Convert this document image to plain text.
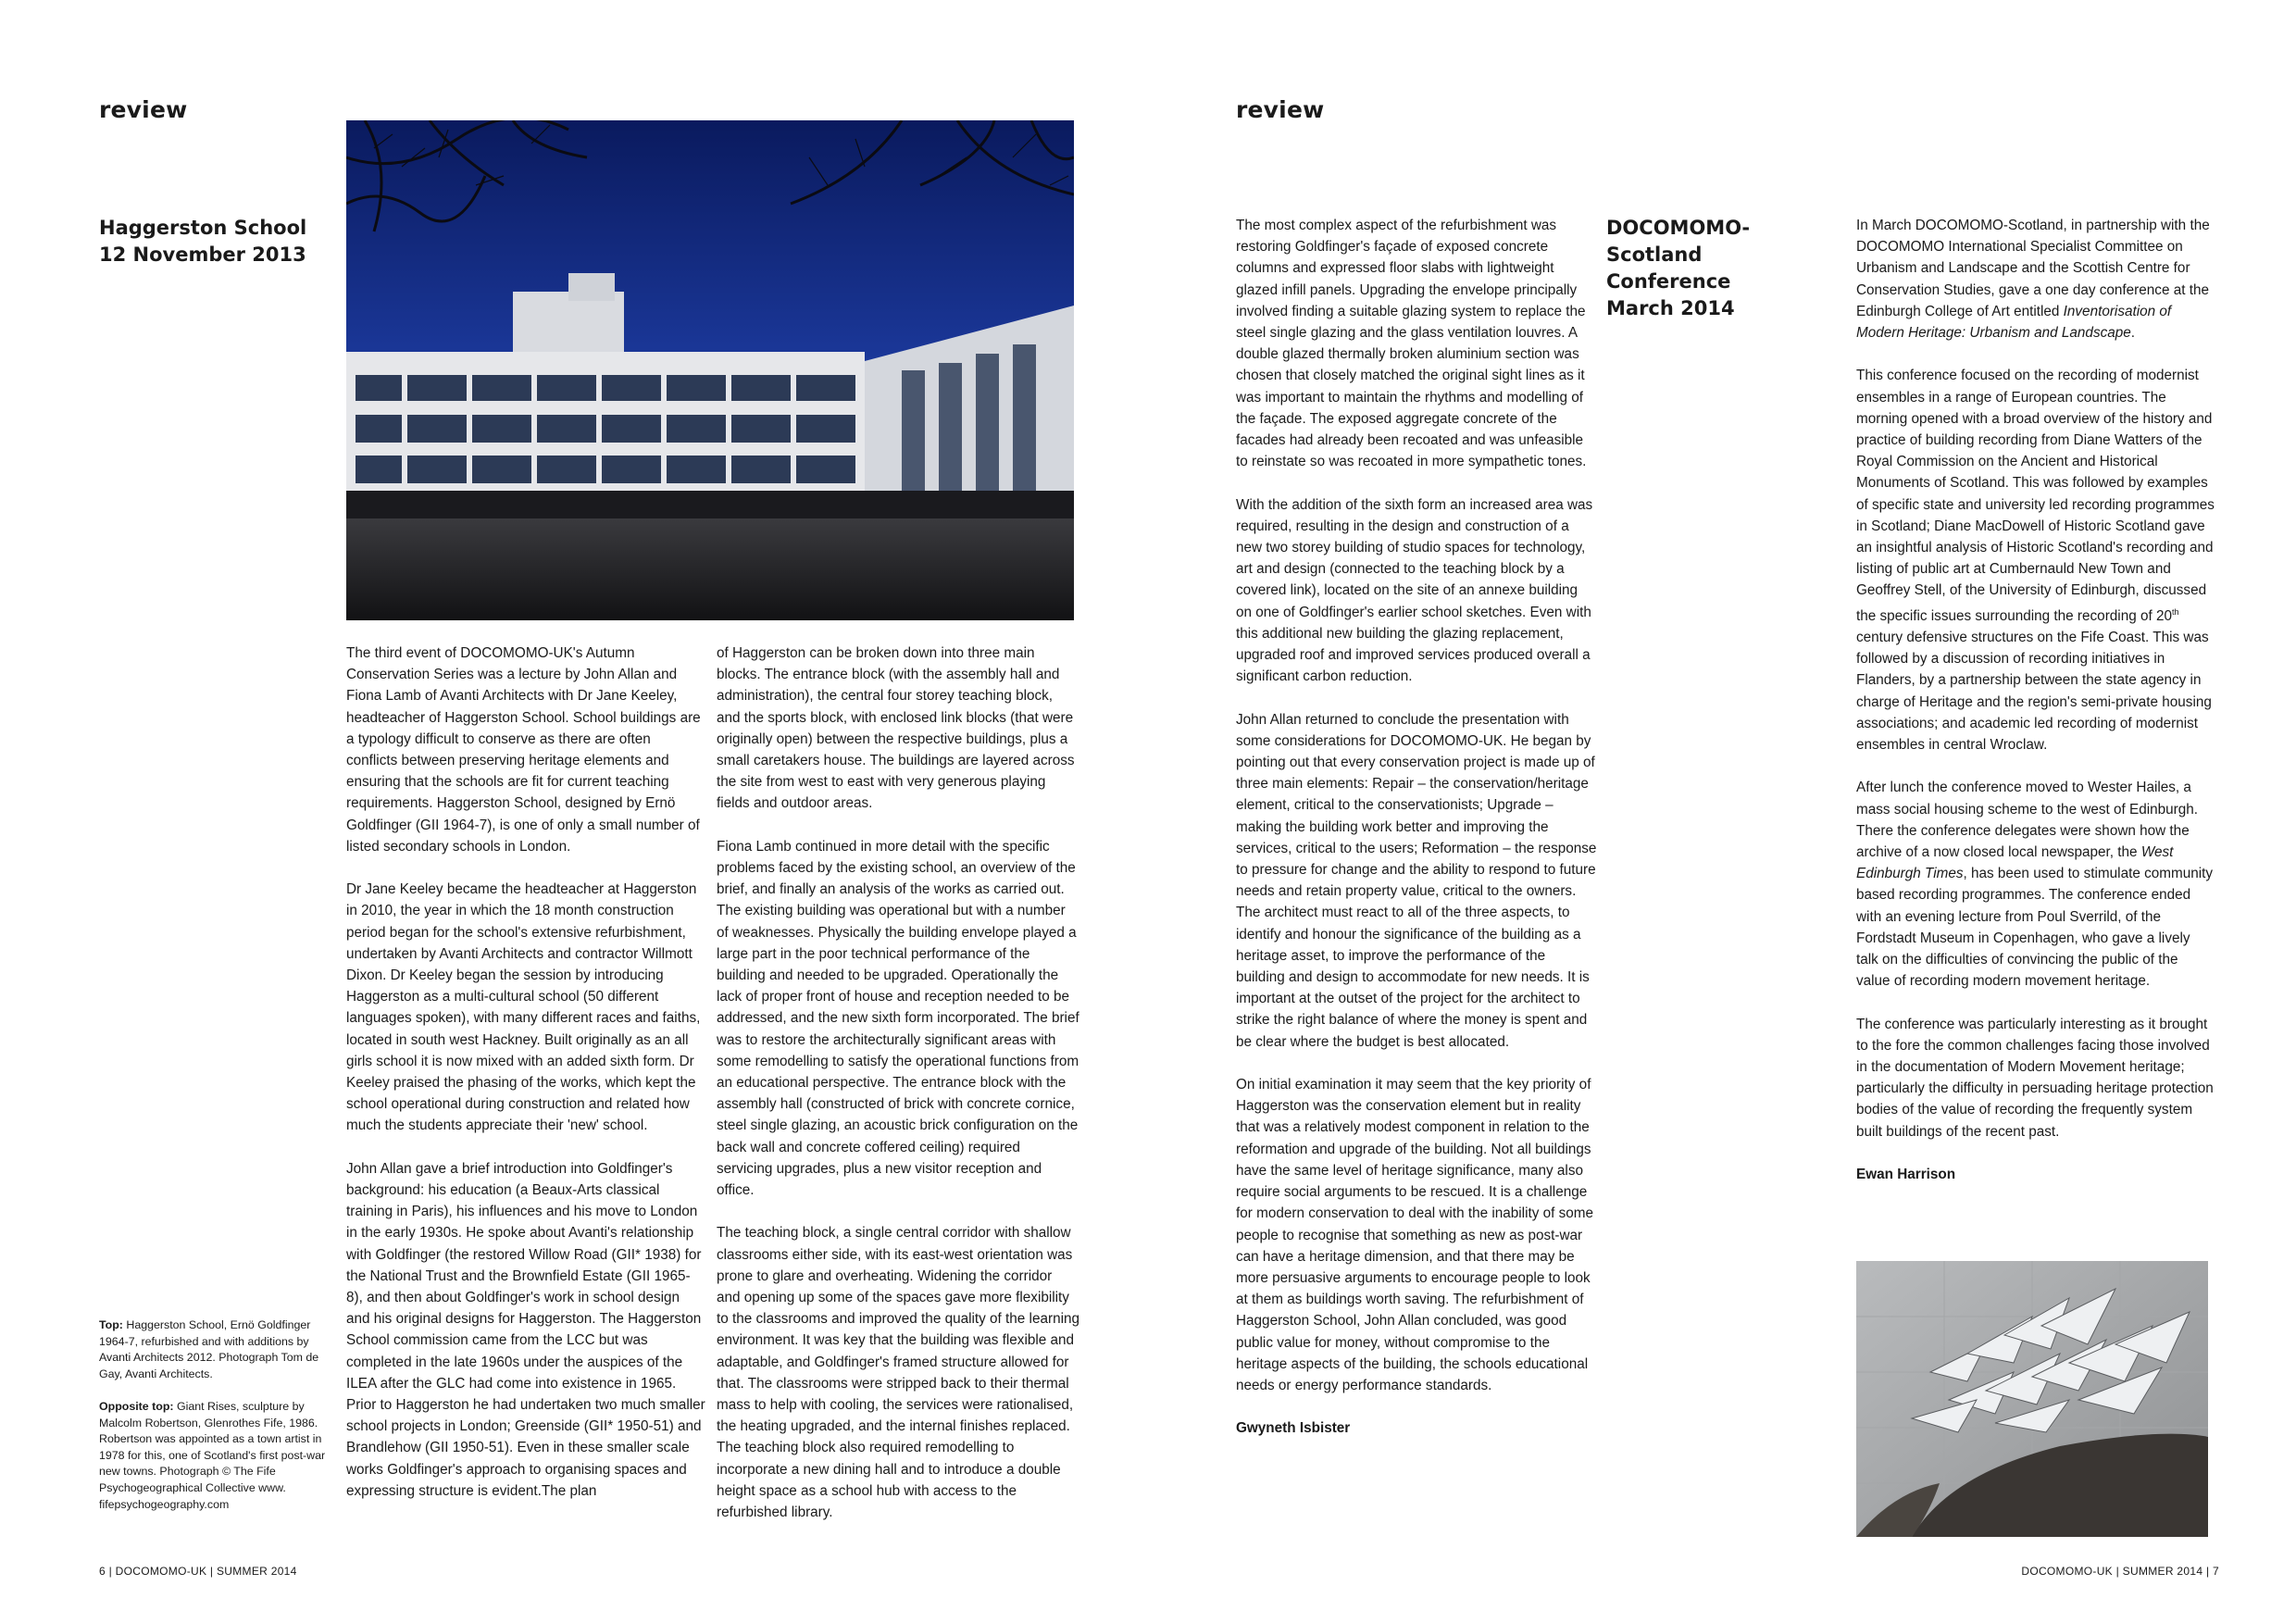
review
Haggerston School
12 November 2013

Top: Haggerston School, Ernö Goldfinger 1964-7, refurbished and with additions by Avanti Architects 2012. Photograph Tom de Gay, Avanti Architects.

Opposite top: Giant Rises, sculpture by Malcolm Robertson, Glenrothes Fife, 1986. Robertson was appointed as a town artist in 1978 for this, one of Scotland's first post-war new towns. Photograph © The Fife Psychogeographical Collective www. fifepsychogeography.com

The third event of DOCOMOMO-UK's Autumn Conservation Series was a lecture by John Allan and Fiona Lamb of Avanti Architects with Dr Jane Keeley, headteacher of Haggerston School. School buildings are a typology difficult to conserve as there are often conflicts between preserving heritage elements and ensuring that the schools are fit for current teaching requirements. Haggerston School, designed by Ernö Goldfinger (GII 1964-7), is one of only a small number of listed secondary schools in London.

Dr Jane Keeley became the headteacher at Haggerston in 2010, the year in which the 18 month construction period began for the school's extensive refurbishment, undertaken by Avanti Architects and contractor Willmott Dixon. Dr Keeley began the session by introducing Haggerston as a multi-cultural school (50 different languages spoken), with many different races and faiths, located in south west Hackney. Built originally as an all girls school it is now mixed with an added sixth form. Dr Keeley praised the phasing of the works, which kept the school operational during construction and related how much the students appreciate their 'new' school.

John Allan gave a brief introduction into Goldfinger's background: his education (a Beaux-Arts classical training in Paris), his influences and his move to London in the early 1930s. He spoke about Avanti's relationship with Goldfinger (the restored Willow Road (GII* 1938) for the National Trust and the Brownfield Estate (GII 1965-8), and then about Goldfinger's work in school design and his original designs for Haggerston. The Haggerston School commission came from the LCC but was completed in the late 1960s under the auspices of the ILEA after the GLC had come into existence in 1965. Prior to Haggerston he had undertaken two much smaller school projects in London; Greenside (GII* 1950-51) and Brandlehow (GII 1950-51). Even in these smaller scale works Goldfinger's approach to organising spaces and expressing structure is evident.The plan

of Haggerston can be broken down into three main blocks. The entrance block (with the assembly hall and administration), the central four storey teaching block, and the sports block, with enclosed link blocks (that were originally open) between the respective buildings, plus a small caretakers house. The buildings are layered across the site from west to east with very generous playing fields and outdoor areas.

Fiona Lamb continued in more detail with the specific problems faced by the existing school, an overview of the brief, and finally an analysis of the works as carried out. The existing building was operational but with a number of weaknesses. Physically the building envelope played a large part in the poor technical performance of the building and needed to be upgraded. Operationally the lack of proper front of house and reception needed to be addressed, and the new sixth form incorporated. The brief was to restore the architecturally significant areas with some remodelling to satisfy the operational functions from an educational perspective. The entrance block with the assembly hall (constructed of brick with concrete cornice, steel single glazing, an acoustic brick configuration on the back wall and concrete coffered ceiling) required servicing upgrades, plus a new visitor reception and office.

The teaching block, a single central corridor with shallow classrooms either side, with its east-west orientation was prone to glare and overheating. Widening the corridor and opening up some of the spaces gave more flexibility to the classrooms and improved the quality of the learning environment. It was key that the building was flexible and adaptable, and Goldfinger's framed structure allowed for that. The classrooms were stripped back to their thermal mass to help with cooling, the services were rationalised, the heating upgraded, and the internal finishes replaced. The teaching block also required remodelling to incorporate a new dining hall and to introduce a double height space as a school hub with access to the refurbished library.

6 | DOCOMOMO-UK | SUMMER 2014
review

The most complex aspect of the refurbishment was restoring Goldfinger's façade of exposed concrete columns and expressed floor slabs with lightweight glazed infill panels. Upgrading the envelope principally involved finding a suitable glazing system to replace the steel single glazing and the glass ventilation louvres. A double glazed thermally broken aluminium section was chosen that closely matched the original sight lines as it was important to maintain the rhythms and modelling of the façade. The exposed aggregate concrete of the facades had already been recoated and was unfeasible to reinstate so was recoated in more sympathetic tones.

With the addition of the sixth form an increased area was required, resulting in the design and construction of a new two storey building of studio spaces for technology, art and design (connected to the teaching block by a covered link), located on the site of an annexe building on one of Goldfinger's earlier school sketches. Even with this additional new building the glazing replacement, upgraded roof and improved services produced overall a significant carbon reduction.

John Allan returned to conclude the presentation with some considerations for DOCOMOMO-UK. He began by pointing out that every conservation project is made up of three main elements: Repair – the conservation/heritage element, critical to the conservationists; Upgrade – making the building work better and improving the services, critical to the users; Reformation – the response to pressure for change and the ability to respond to future needs and retain property value, critical to the owners. The architect must react to all of the three aspects, to identify and honour the significance of the building as a heritage asset, to improve the performance of the building and design to accommodate for new needs. It is important at the outset of the project for the architect to strike the right balance of where the money is spent and be clear where the budget is best allocated.

On initial examination it may seem that the key priority of Haggerston was the conservation element but in reality that was a relatively modest component in relation to the reformation and upgrade of the building. Not all buildings have the same level of heritage significance, many also require social arguments to be rescued. It is a challenge for modern conservation to deal with the inability of some people to recognise that something as new as post-war can have a heritage dimension, and that there may be more persuasive arguments to encourage people to look at them as buildings worth saving. The refurbishment of Haggerston School, John Allan concluded, was good public value for money, without compromise to the heritage aspects of the building, the schools educational needs or energy performance standards.

Gwyneth Isbister

DOCOMOMO-Scotland
Conference
March 2014

In March DOCOMOMO-Scotland, in partnership with the DOCOMOMO International Specialist Committee on Urbanism and Landscape and the Scottish Centre for Conservation Studies, gave a one day conference at the Edinburgh College of Art entitled Inventorisation of Modern Heritage: Urbanism and Landscape.

This conference focused on the recording of modernist ensembles in a range of European countries. The morning opened with a broad overview of the history and practice of building recording from Diane Watters of the Royal Commission on the Ancient and Historical Monuments of Scotland. This was followed by examples of specific state and university led recording programmes in Scotland; Diane MacDowell of Historic Scotland gave an insightful analysis of Historic Scotland's recording and listing of public art at Cumbernauld New Town and Geoffrey Stell, of the University of Edinburgh, discussed the specific issues surrounding the recording of 20th century defensive structures on the Fife Coast. This was followed by a discussion of recording initiatives in Flanders, by a partnership between the state agency in charge of Heritage and the region's semi-private housing associations; and academic led recording of modernist ensembles in central Wroclaw.

After lunch the conference moved to Wester Hailes, a mass social housing scheme to the west of Edinburgh. There the conference delegates were shown how the archive of a now closed local newspaper, the West Edinburgh Times, has been used to stimulate community based recording programmes. The conference ended with an evening lecture from Poul Sverrild, of the Fordstadt Museum in Copenhagen, who gave a lively talk on the difficulties of convincing the public of the value of recording modern movement heritage.

The conference was particularly interesting as it brought to the fore the common challenges facing those involved in the documentation of Modern Movement heritage; particularly the difficulty in persuading heritage protection bodies of the value of recording the frequently system built buildings of the recent past.

Ewan Harrison

DOCOMOMO-UK | SUMMER 2014 | 7
